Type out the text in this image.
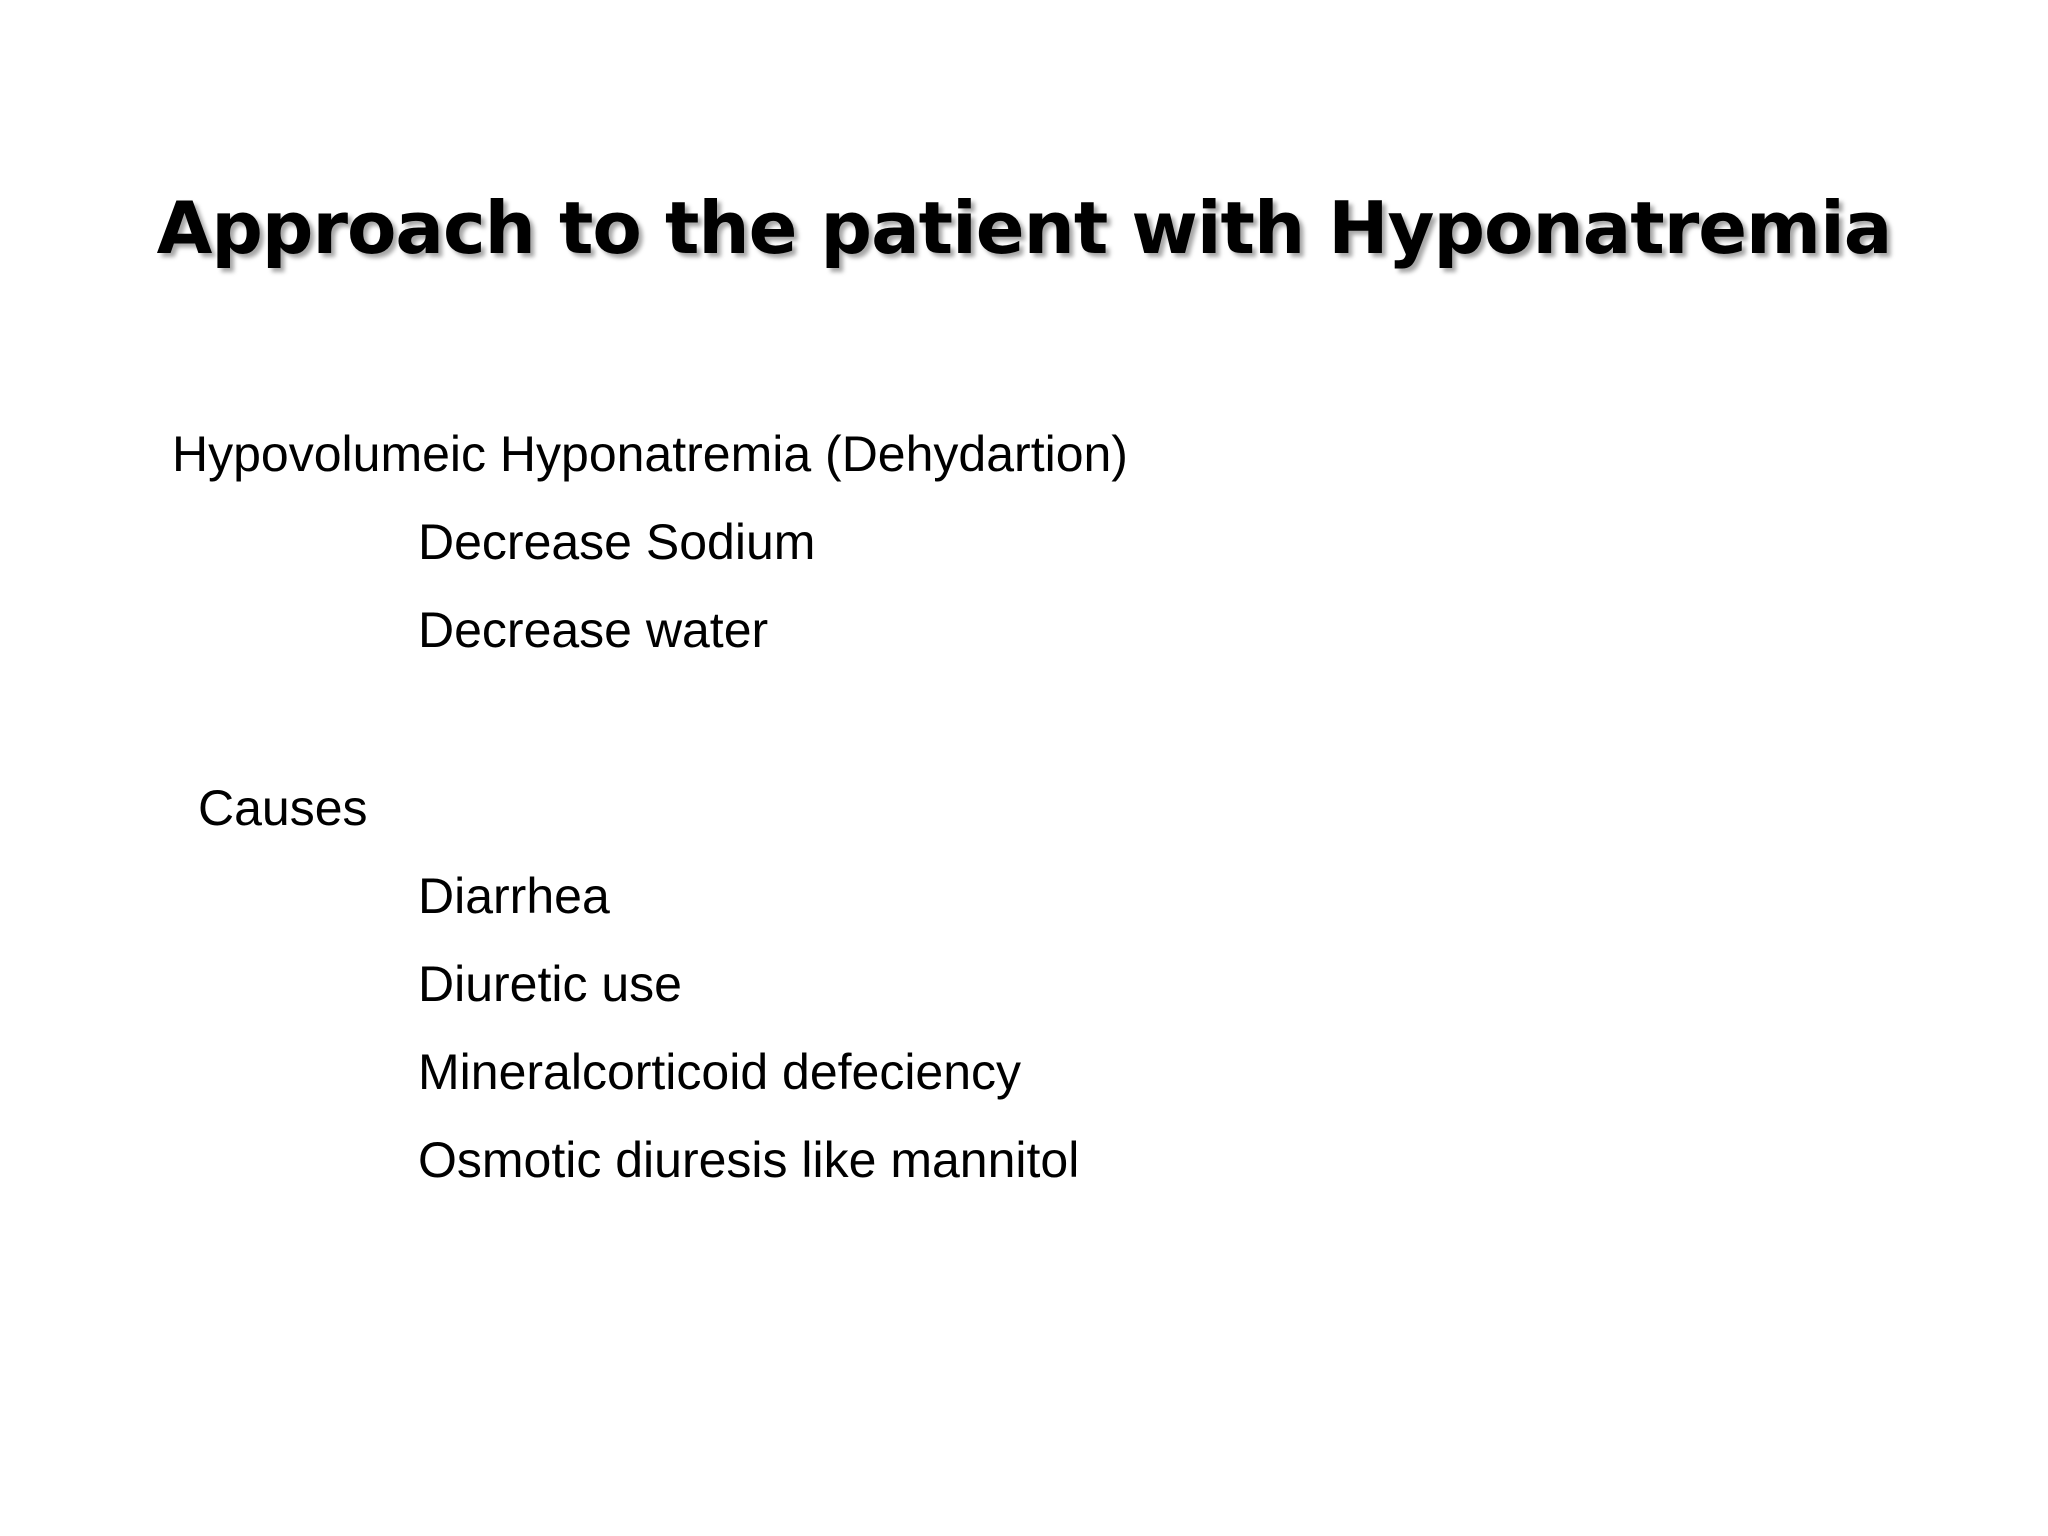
Approach to the patient with Hyponatremia
Hypovolumeic Hyponatremia (Dehydartion)
Decrease Sodium
Decrease water
Causes
Diarrhea
Diuretic use
Mineralcorticoid defeciency
Osmotic diuresis like mannitol
